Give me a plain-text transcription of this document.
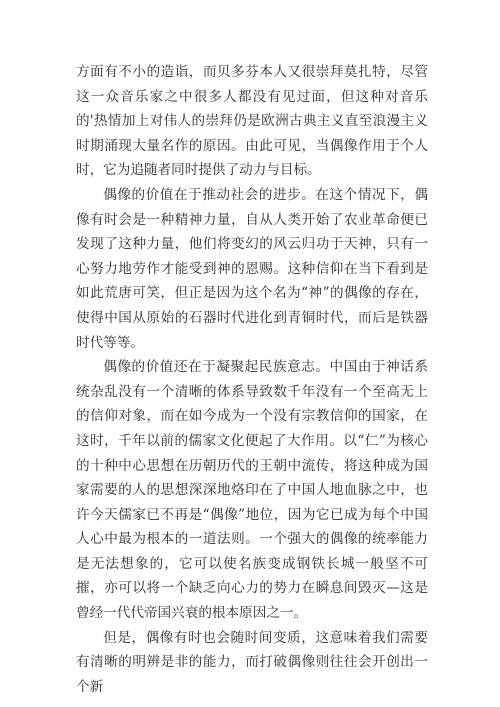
方面有不小的造诣，而贝多芬本人又很崇拜莫扎特，尽管这一众音乐家之中很多人都没有见过面，但这种对音乐的'热情加上对伟人的崇拜仍是欧洲古典主义直至浪漫主义时期涌现大量名作的原因。由此可见，当偶像作用于个人时，它为追随者同时提供了动力与目标。

偶像的价值在于推动社会的进步。在这个情况下，偶像有时会是一种精神力量，自从人类开始了农业革命便已发现了这种力量，他们将变幻的风云归功于天神，只有一心努力地劳作才能受到神的恩赐。这种信仰在当下看到是如此荒唐可笑，但正是因为这个名为“神”的偶像的存在，使得中国从原始的石器时代进化到青铜时代，而后是铁器时代等等。

偶像的价值还在于凝聚起民族意志。中国由于神话系统杂乱没有一个清晰的体系导致数千年没有一个至高无上的信仰对象，而在如今成为一个没有宗教信仰的国家，在这时，千年以前的儒家文化便起了大作用。以“仁”为核心的十种中心思想在历朝历代的王朝中流传，将这种成为国家需要的人的思想深深地烙印在了中国人地血脉之中，也许今天儒家已不再是“偶像”地位，因为它已成为每个中国人心中最为根本的一道法则。一个强大的偶像的统率能力是无法想象的，它可以使名族变成钢铁长城一般坚不可摧，亦可以将一个缺乏向心力的势力在瞬息间毁灭—这是曾经一代代帝国兴衰的根本原因之一。

但是，偶像有时也会随时间变质，这意味着我们需要有清晰的明辨是非的能力，而打破偶像则往往会开创出一个新
